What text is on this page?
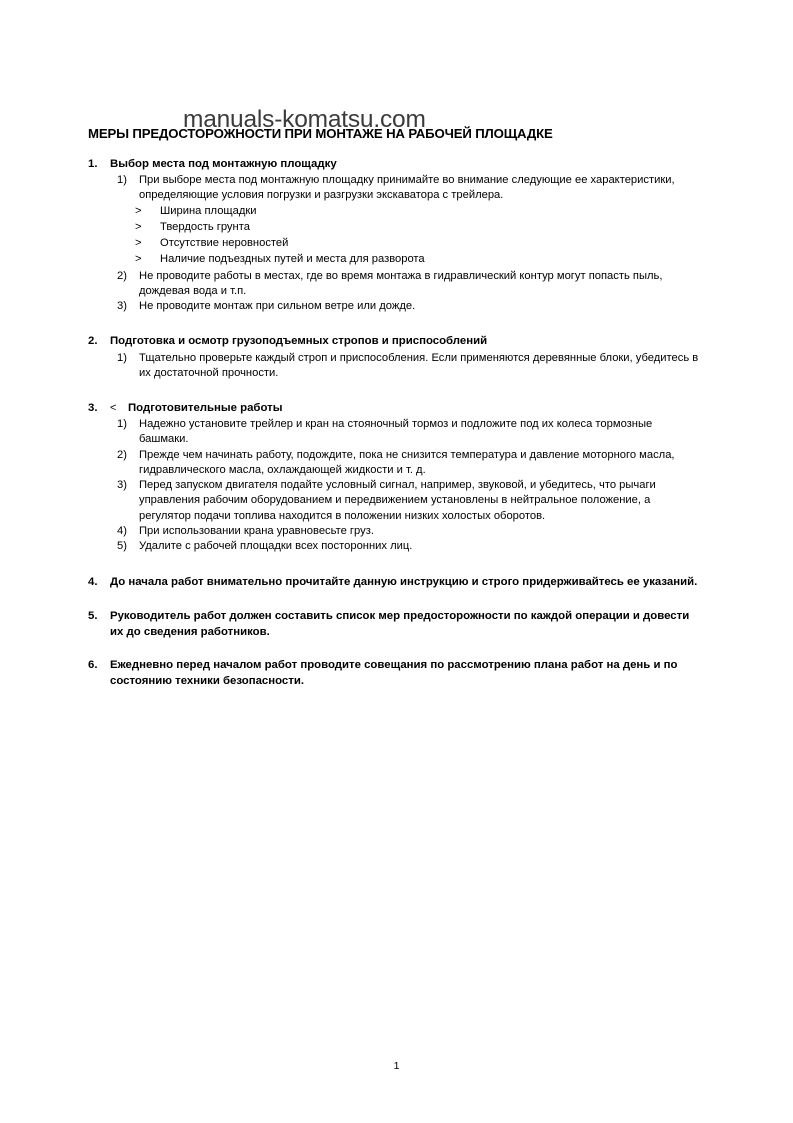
manuals-komatsu.com
МЕРЫ ПРЕДОСТОРОЖНОСТИ ПРИ МОНТАЖЕ НА РАБОЧЕЙ ПЛОЩАДКЕ
1.	Выбор места под монтажную площадку
1)	При выборе места под монтажную площадку принимайте во внимание следующие ее характеристики, определяющие условия погрузки и разгрузки экскаватора с трейлера.
>	Ширина площадки
>	Твердость грунта
>	Отсутствие неровностей
>	Наличие подъездных путей и места для разворота
2)	Не проводите работы в местах, где во время монтажа в гидравлический контур могут попасть пыль, дождевая вода и т.п.
3)	Не проводите монтаж при сильном ветре или дожде.
2.	Подготовка и осмотр грузоподъемных стропов и приспособлений
1)	Тщательно проверьте каждый строп и приспособления. Если применяются деревянные блоки, убедитесь в их достаточной прочности.
3.	<	Подготовительные работы
1)	Надежно установите трейлер и кран на стояночный тормоз и подложите под их колеса тормозные башмаки.
2)	Прежде чем начинать работу, подождите, пока не снизится температура и давление моторного масла, гидравлического масла, охлаждающей жидкости и т. д.
3)	Перед запуском двигателя подайте условный сигнал, например, звуковой, и убедитесь, что рычаги управления рабочим оборудованием и передвижением установлены в нейтральное положение, а регулятор подачи топлива находится в положении низких холостых оборотов.
4)	При использовании крана уравновесьте груз.
5)	Удалите с рабочей площадки всех посторонних лиц.
4.	До начала работ внимательно прочитайте данную инструкцию и строго придерживайтесь ее указаний.
5.	Руководитель работ должен составить список мер предосторожности по каждой операции и довести их до сведения работников.
6.	Ежедневно перед началом работ проводите совещания по рассмотрению плана работ на день и по состоянию техники безопасности.
1
